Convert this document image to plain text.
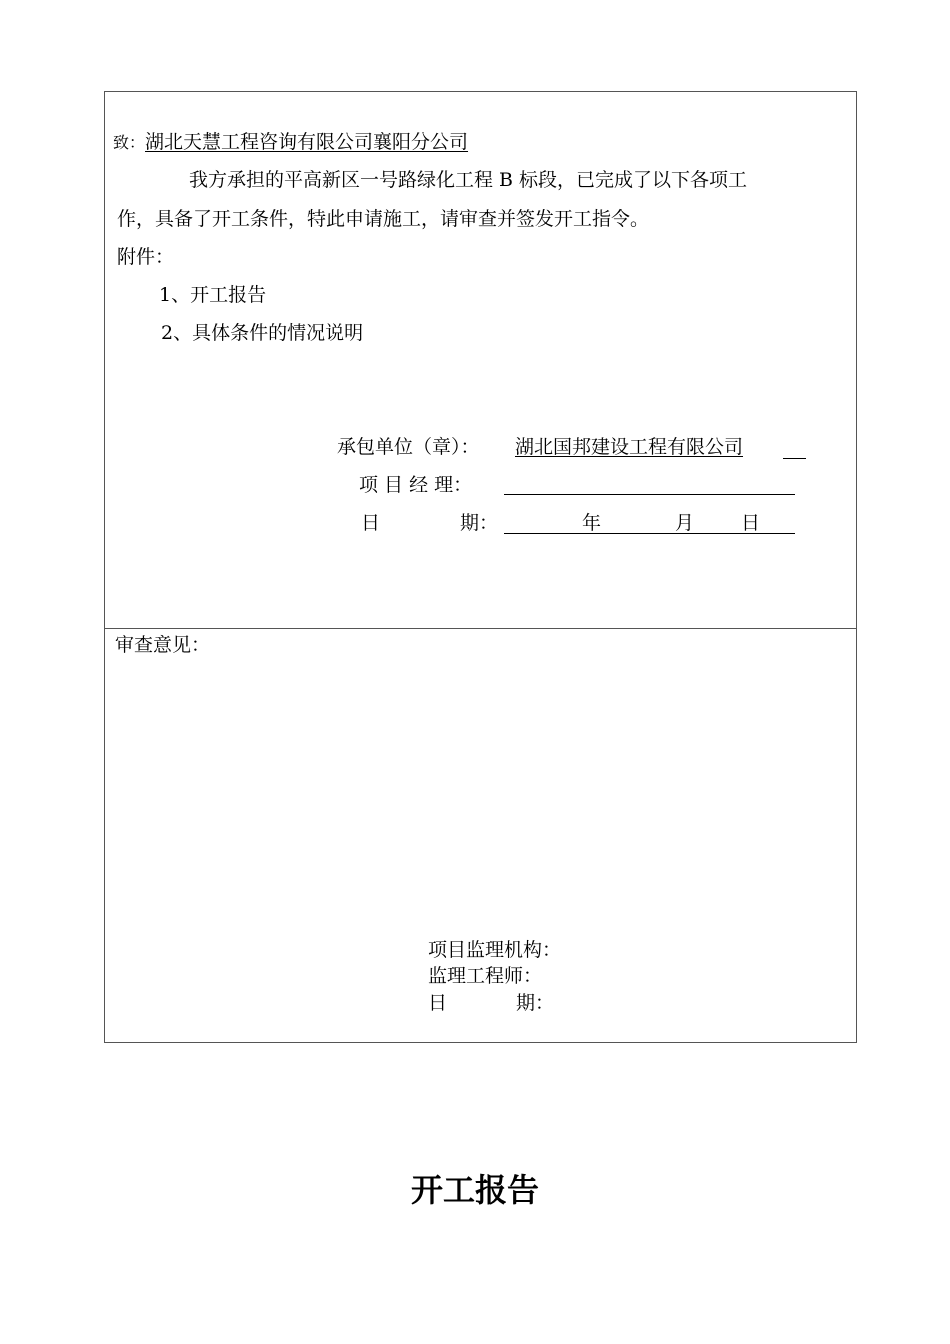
致：湖北天慧工程咨询有限公司襄阳分公司
我方承担的平高新区一号路绿化工程 B 标段，已完成了以下各项工
作，具备了开工条件，特此申请施工，请审查并签发开工指令。
附件：
1、开工报告
2、具体条件的情况说明
承包单位（章）： 湖北国邦建设工程有限公司
项 目 经 理：
日	期：	年	月 日
审查意见：
项目监理机构：
监理工程师：
日	期：
开工报告
